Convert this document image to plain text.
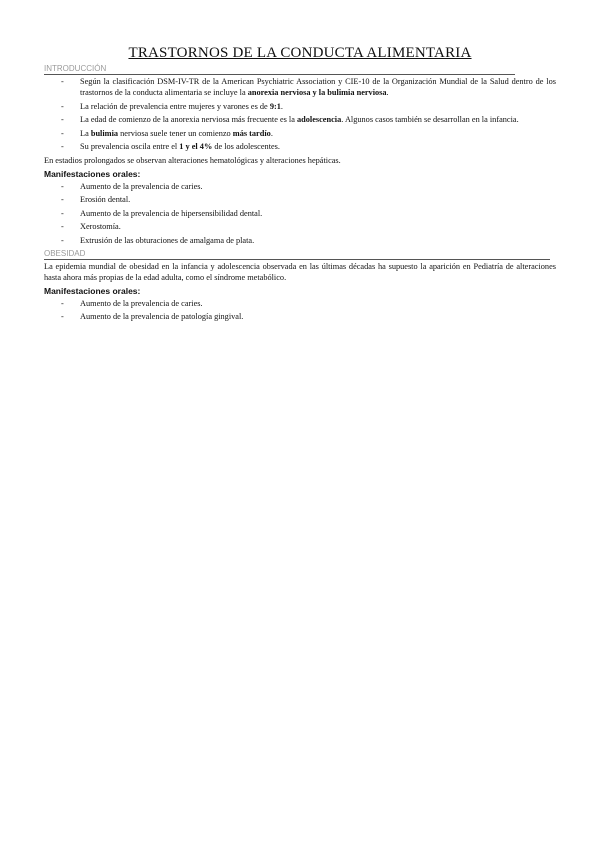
TRASTORNOS DE LA CONDUCTA ALIMENTARIA
INTRODUCCIÓN
- Según la clasificación DSM-IV-TR de la American Psychiatric Association y CIE-10 de la Organización Mundial de la Salud dentro de los trastornos de la conducta alimentaria se incluye la anorexia nerviosa y la bulimia nerviosa.
- La relación de prevalencia entre mujeres y varones es de 9:1.
- La edad de comienzo de la anorexia nerviosa más frecuente es la adolescencia. Algunos casos también se desarrollan en la infancia.
- La bulimia nerviosa suele tener un comienzo más tardío.
- Su prevalencia oscila entre el 1 y el 4% de los adolescentes.

En estadios prolongados se observan alteraciones hematológicas y alteraciones hepáticas.

Manifestaciones orales:
- Aumento de la prevalencia de caries.
- Erosión dental.
- Aumento de la prevalencia de hipersensibilidad dental.
- Xerostomía.
- Extrusión de las obturaciones de amalgama de plata.
OBESIDAD

La epidemia mundial de obesidad en la infancia y adolescencia observada en las últimas décadas ha supuesto la aparición en Pediatría de alteraciones hasta ahora más propias de la edad adulta, como el síndrome metabólico.

Manifestaciones orales:
- Aumento de la prevalencia de caries.
- Aumento de la prevalencia de patología gingival.
